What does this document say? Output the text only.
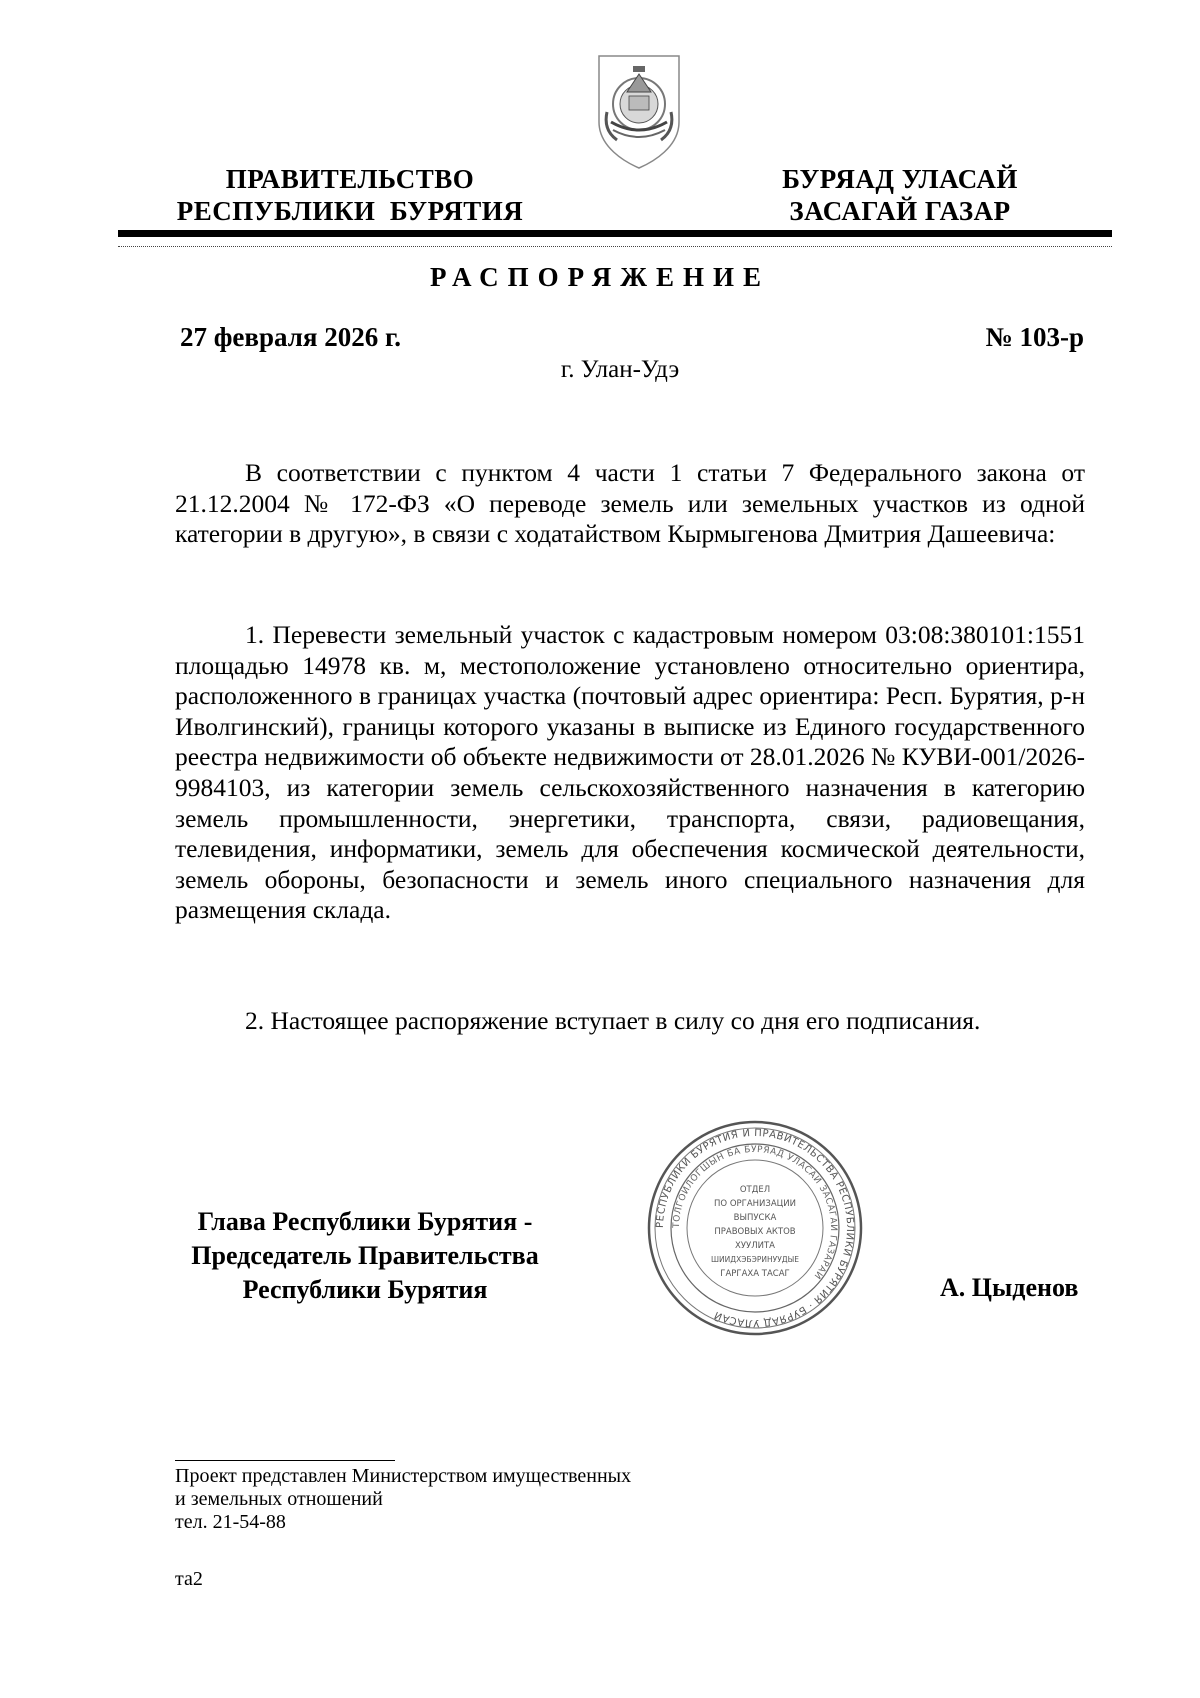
ПРАВИТЕЛЬСТВО
РЕСПУБЛИКИ  БУРЯТИЯ
БУРЯАД УЛАСАЙ
ЗАСАГАЙ ГАЗАР
РАСПОРЯЖЕНИЕ
27 февраля 2026 г.	№ 103-р
г. Улан-Удэ
В соответствии с пунктом 4 части 1 статьи 7 Федерального закона от 21.12.2004 № 172-ФЗ «О переводе земель или земельных участков из одной категории в другую», в связи с ходатайством Кырмыгенова Дмитрия Дашеевича:
1. Перевести земельный участок с кадастровым номером 03:08:380101:1551 площадью 14978 кв. м, местоположение установлено относительно ориентира, расположенного в границах участка (почтовый адрес ориентира: Респ. Бурятия, р-н Иволгинский), границы которого указаны в выписке из Единого государственного реестра недвижимости об объекте недвижимости от 28.01.2026 № КУВИ-001/2026-9984103, из категории земель сельскохозяйственного назначения в категорию земель промышленности, энергетики, транспорта, связи, радиовещания, телевидения, информатики, земель для обеспечения космической деятельности, земель обороны, безопасности и земель иного специального назначения для размещения склада.
2. Настоящее распоряжение вступает в силу со дня его подписания.
РЕСПУБЛИКИ БУРЯТИЯ И ПРАВИТЕЛЬСТВА РЕСПУБЛИКИ БУРЯТИЯ · БУРЯАД УЛАСАЙ
ТОЛГОЙЛОГШЫН БА БУРЯАД УЛАСАЙ ЗАСАГАЙ ГАЗАРАЙ
ОТДЕЛ
ПО ОРГАНИЗАЦИИ
ВЫПУСКА
ПРАВОВЫХ АКТОВ
ХУУЛИТА
ШИИДХЭБЭРИНУУДЫЕ
ГАРГАХА ТАСАГ
Глава Республики Бурятия -
Председатель Правительства
Республики Бурятия	А. Цыденов
Проект представлен Министерством имущественных
и земельных отношений
тел. 21-54-88
та2
